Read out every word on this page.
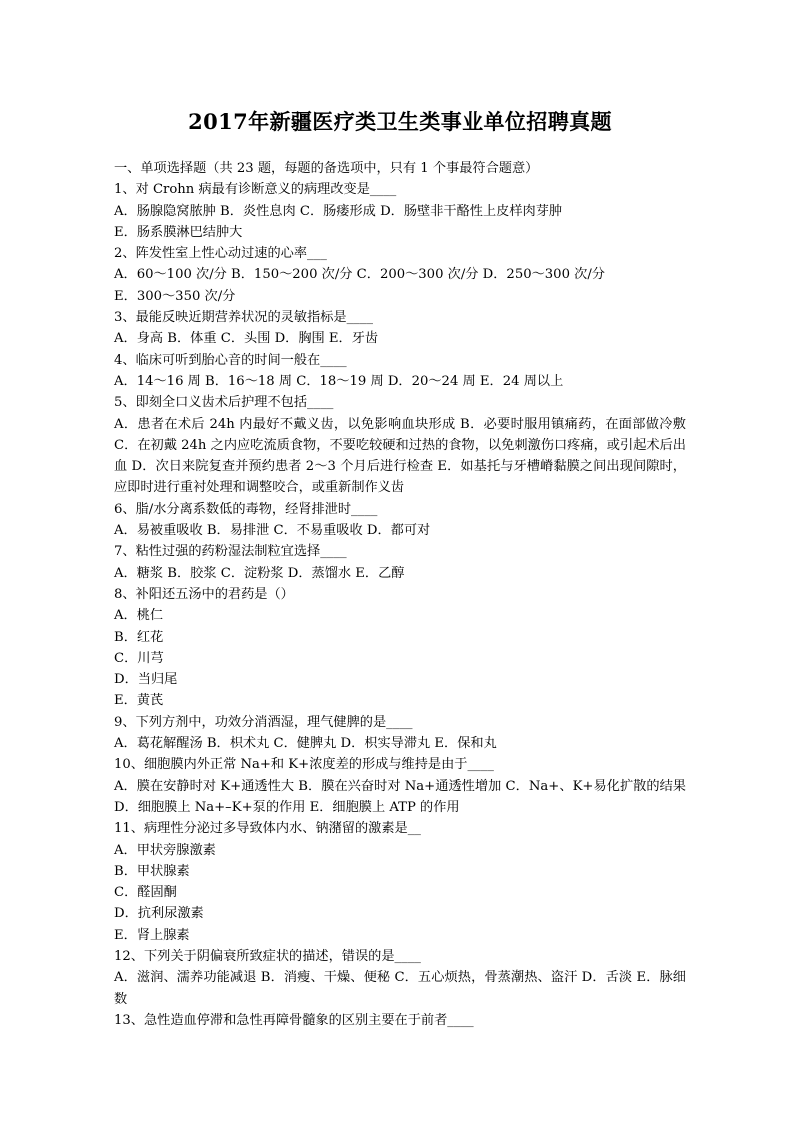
2017年新疆医疗类卫生类事业单位招聘真题
一、单项选择题（共 23 题，每题的备选项中，只有 1 个事最符合题意）
1、对 Crohn 病最有诊断意义的病理改变是____
A．肠腺隐窝脓肿 B．炎性息肉 C．肠瘘形成 D．肠壁非干酪性上皮样肉芽肿
E．肠系膜淋巴结肿大
2、阵发性室上性心动过速的心率___
A．60～100 次/分 B．150～200 次/分 C．200～300 次/分 D．250～300 次/分
E．300～350 次/分
3、最能反映近期营养状况的灵敏指标是____
A．身高 B．体重 C．头围 D．胸围 E．牙齿
4、临床可听到胎心音的时间一般在____
A．14～16 周 B．16～18 周 C．18～19 周 D．20～24 周 E．24 周以上
5、即刻全口义齿术后护理不包括____
A．患者在术后 24h 内最好不戴义齿，以免影响血块形成 B．必要时服用镇痛药，在面部做冷敷 C．在初戴 24h 之内应吃流质食物，不要吃较硬和过热的食物，以免刺激伤口疼痛，或引起术后出血 D．次日来院复查并预约患者 2～3 个月后进行检查 E．如基托与牙槽嵴黏膜之间出现间隙时，应即时进行重衬处理和调整咬合，或重新制作义齿
6、脂/水分离系数低的毒物，经肾排泄时____
A．易被重吸收 B．易排泄 C．不易重吸收 D．都可对
7、粘性过强的药粉湿法制粒宜选择____
A．糖浆 B．胶浆 C．淀粉浆 D．蒸馏水 E．乙醇
8、补阳还五汤中的君药是（）
A．桃仁
B．红花
C．川芎
D．当归尾
E．黄芪
9、下列方剂中，功效分消酒湿，理气健脾的是____
A．葛花解醒汤 B．枳术丸 C．健脾丸 D．枳实导滞丸 E．保和丸
10、细胞膜内外正常 Na+和 K+浓度差的形成与维持是由于____
A．膜在安静时对 K+通透性大 B．膜在兴奋时对 Na+通透性增加 C．Na+、K+易化扩散的结果 D．细胞膜上 Na+–K+泵的作用 E．细胞膜上 ATP 的作用
11、病理性分泌过多导致体内水、钠潴留的激素是__
A．甲状旁腺激素
B．甲状腺素
C．醛固酮
D．抗利尿激素
E．肾上腺素
12、下列关于阴偏衰所致症状的描述，错误的是____
A．滋润、濡养功能减退 B．消瘦、干燥、便秘 C．五心烦热，骨蒸潮热、盗汗 D．舌淡 E．脉细数
13、急性造血停滞和急性再障骨髓象的区别主要在于前者____
